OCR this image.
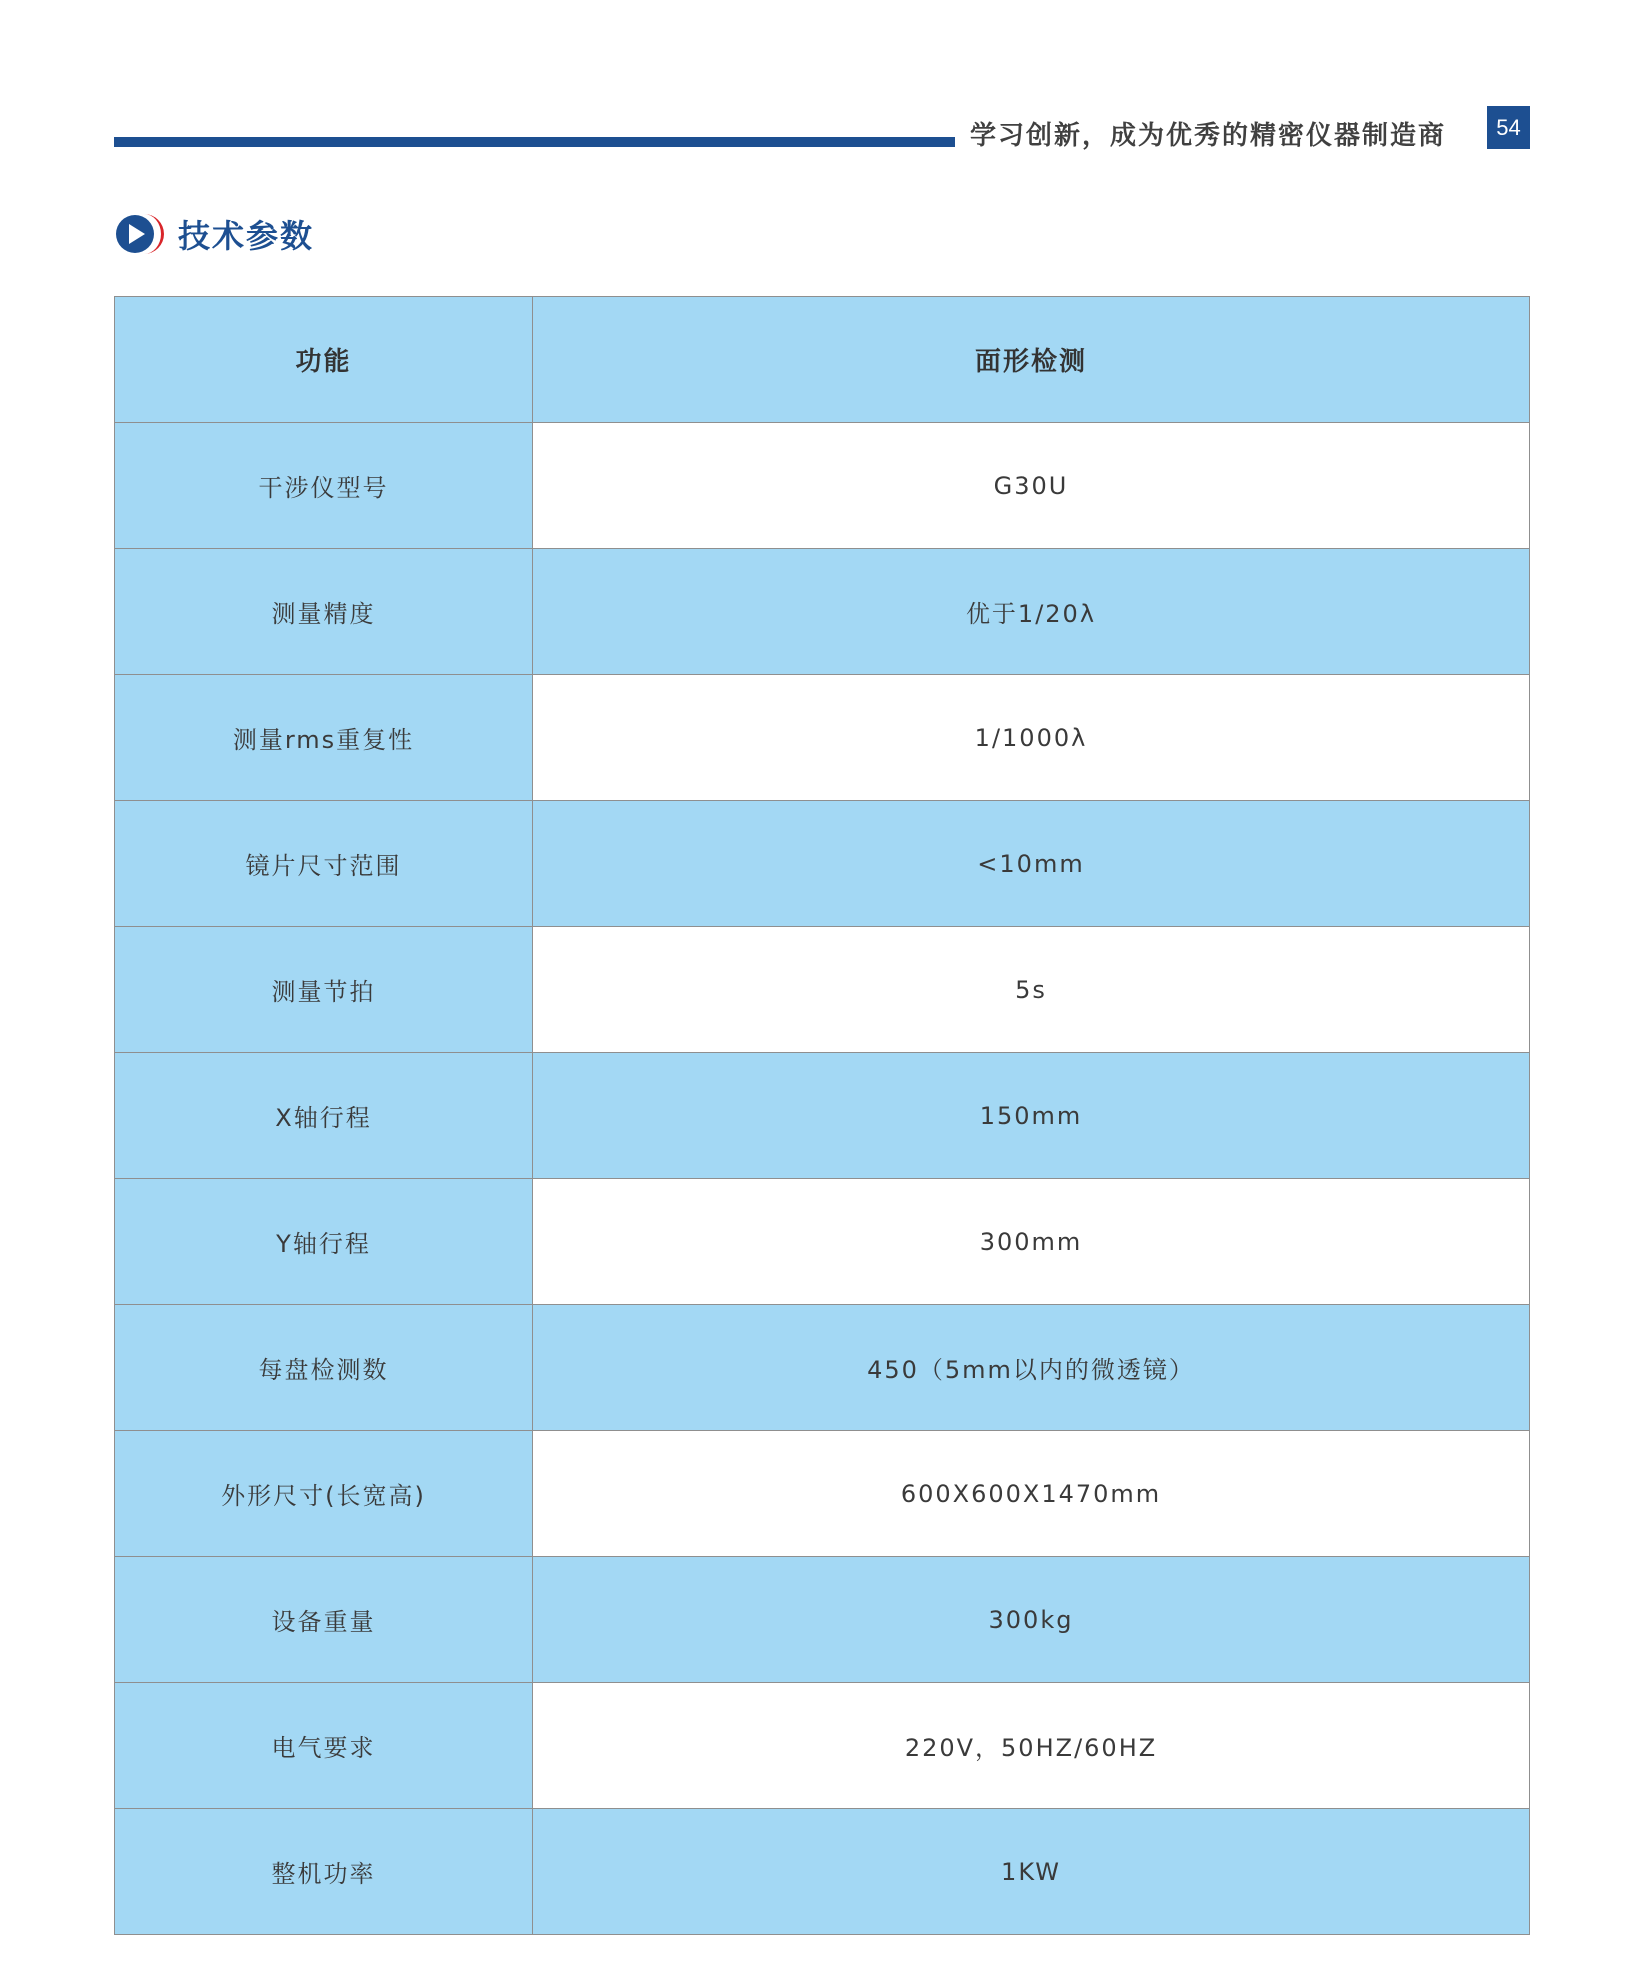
学习创新，成为优秀的精密仪器制造商	54
技术参数
功能	面形检测
干涉仪型号	G30U
测量精度	优于1/20λ
测量rms重复性	1/1000λ
镜片尺寸范围	<10mm
测量节拍	5s
X轴行程	150mm
Y轴行程	300mm
每盘检测数	450（5mm以内的微透镜）
外形尺寸(长宽高)	600X600X1470mm
设备重量	300kg
电气要求	220V，50HZ/60HZ
整机功率	1KW
